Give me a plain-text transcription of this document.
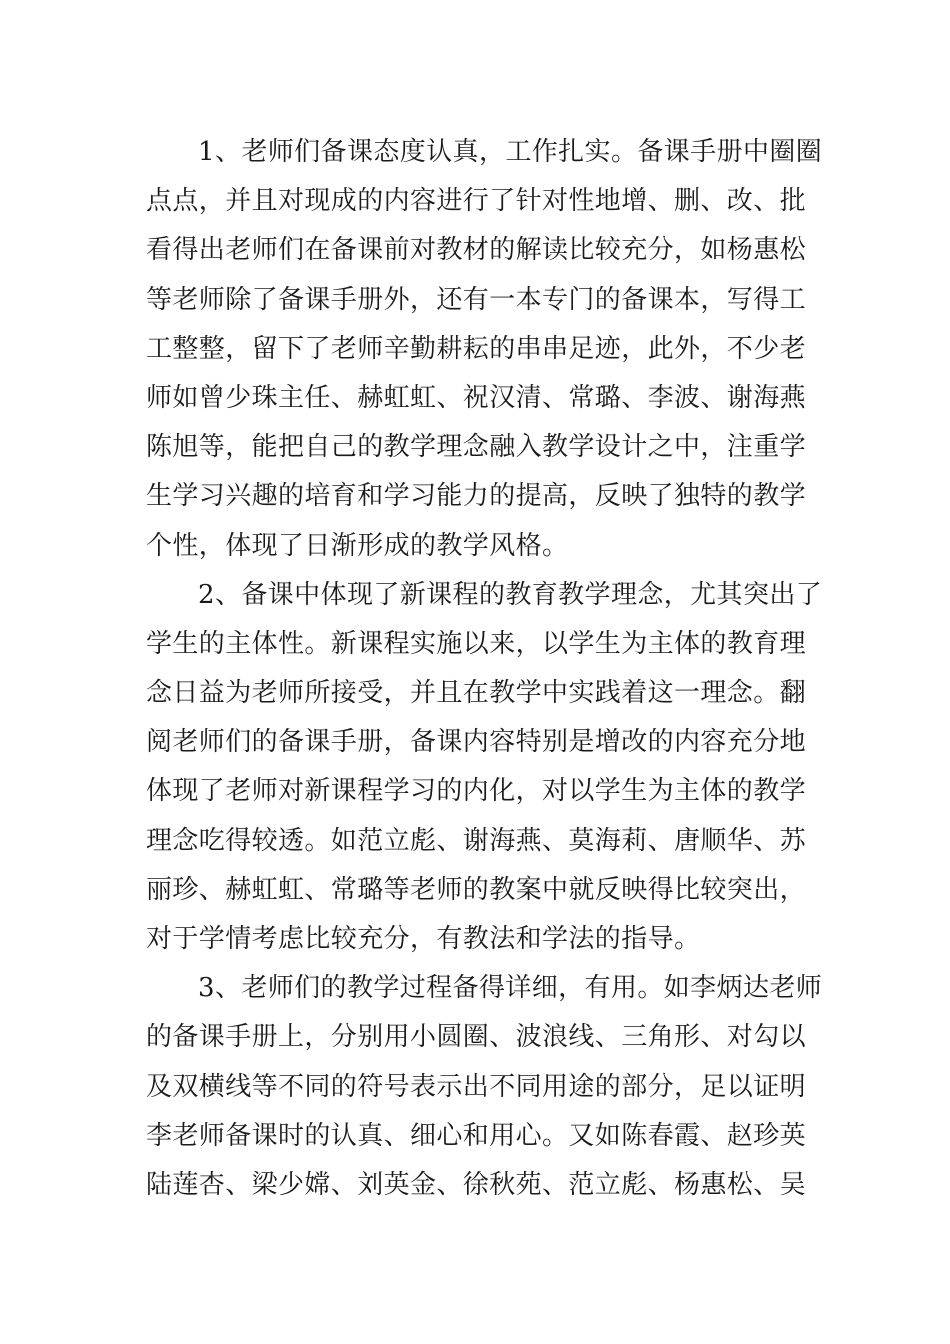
1、老师们备课态度认真，工作扎实。备课手册中圈圈
点点，并且对现成的内容进行了针对性地增、删、改、批
看得出老师们在备课前对教材的解读比较充分，如杨惠松
等老师除了备课手册外，还有一本专门的备课本，写得工
工整整，留下了老师辛勤耕耘的串串足迹，此外，不少老
师如曾少珠主任、赫虹虹、祝汉清、常璐、李波、谢海燕
陈旭等，能把自己的教学理念融入教学设计之中，注重学
生学习兴趣的培育和学习能力的提高，反映了独特的教学
个性，体现了日渐形成的教学风格。
2、备课中体现了新课程的教育教学理念，尤其突出了
学生的主体性。新课程实施以来，以学生为主体的教育理
念日益为老师所接受，并且在教学中实践着这一理念。翻
阅老师们的备课手册，备课内容特别是增改的内容充分地
体现了老师对新课程学习的内化，对以学生为主体的教学
理念吃得较透。如范立彪、谢海燕、莫海莉、唐顺华、苏
丽珍、赫虹虹、常璐等老师的教案中就反映得比较突出，
对于学情考虑比较充分，有教法和学法的指导。
3、老师们的教学过程备得详细，有用。如李炳达老师
的备课手册上，分别用小圆圈、波浪线、三角形、对勾以
及双横线等不同的符号表示出不同用途的部分，足以证明
李老师备课时的认真、细心和用心。又如陈春霞、赵珍英
陆莲杏、梁少嫦、刘英金、徐秋苑、范立彪、杨惠松、吴
